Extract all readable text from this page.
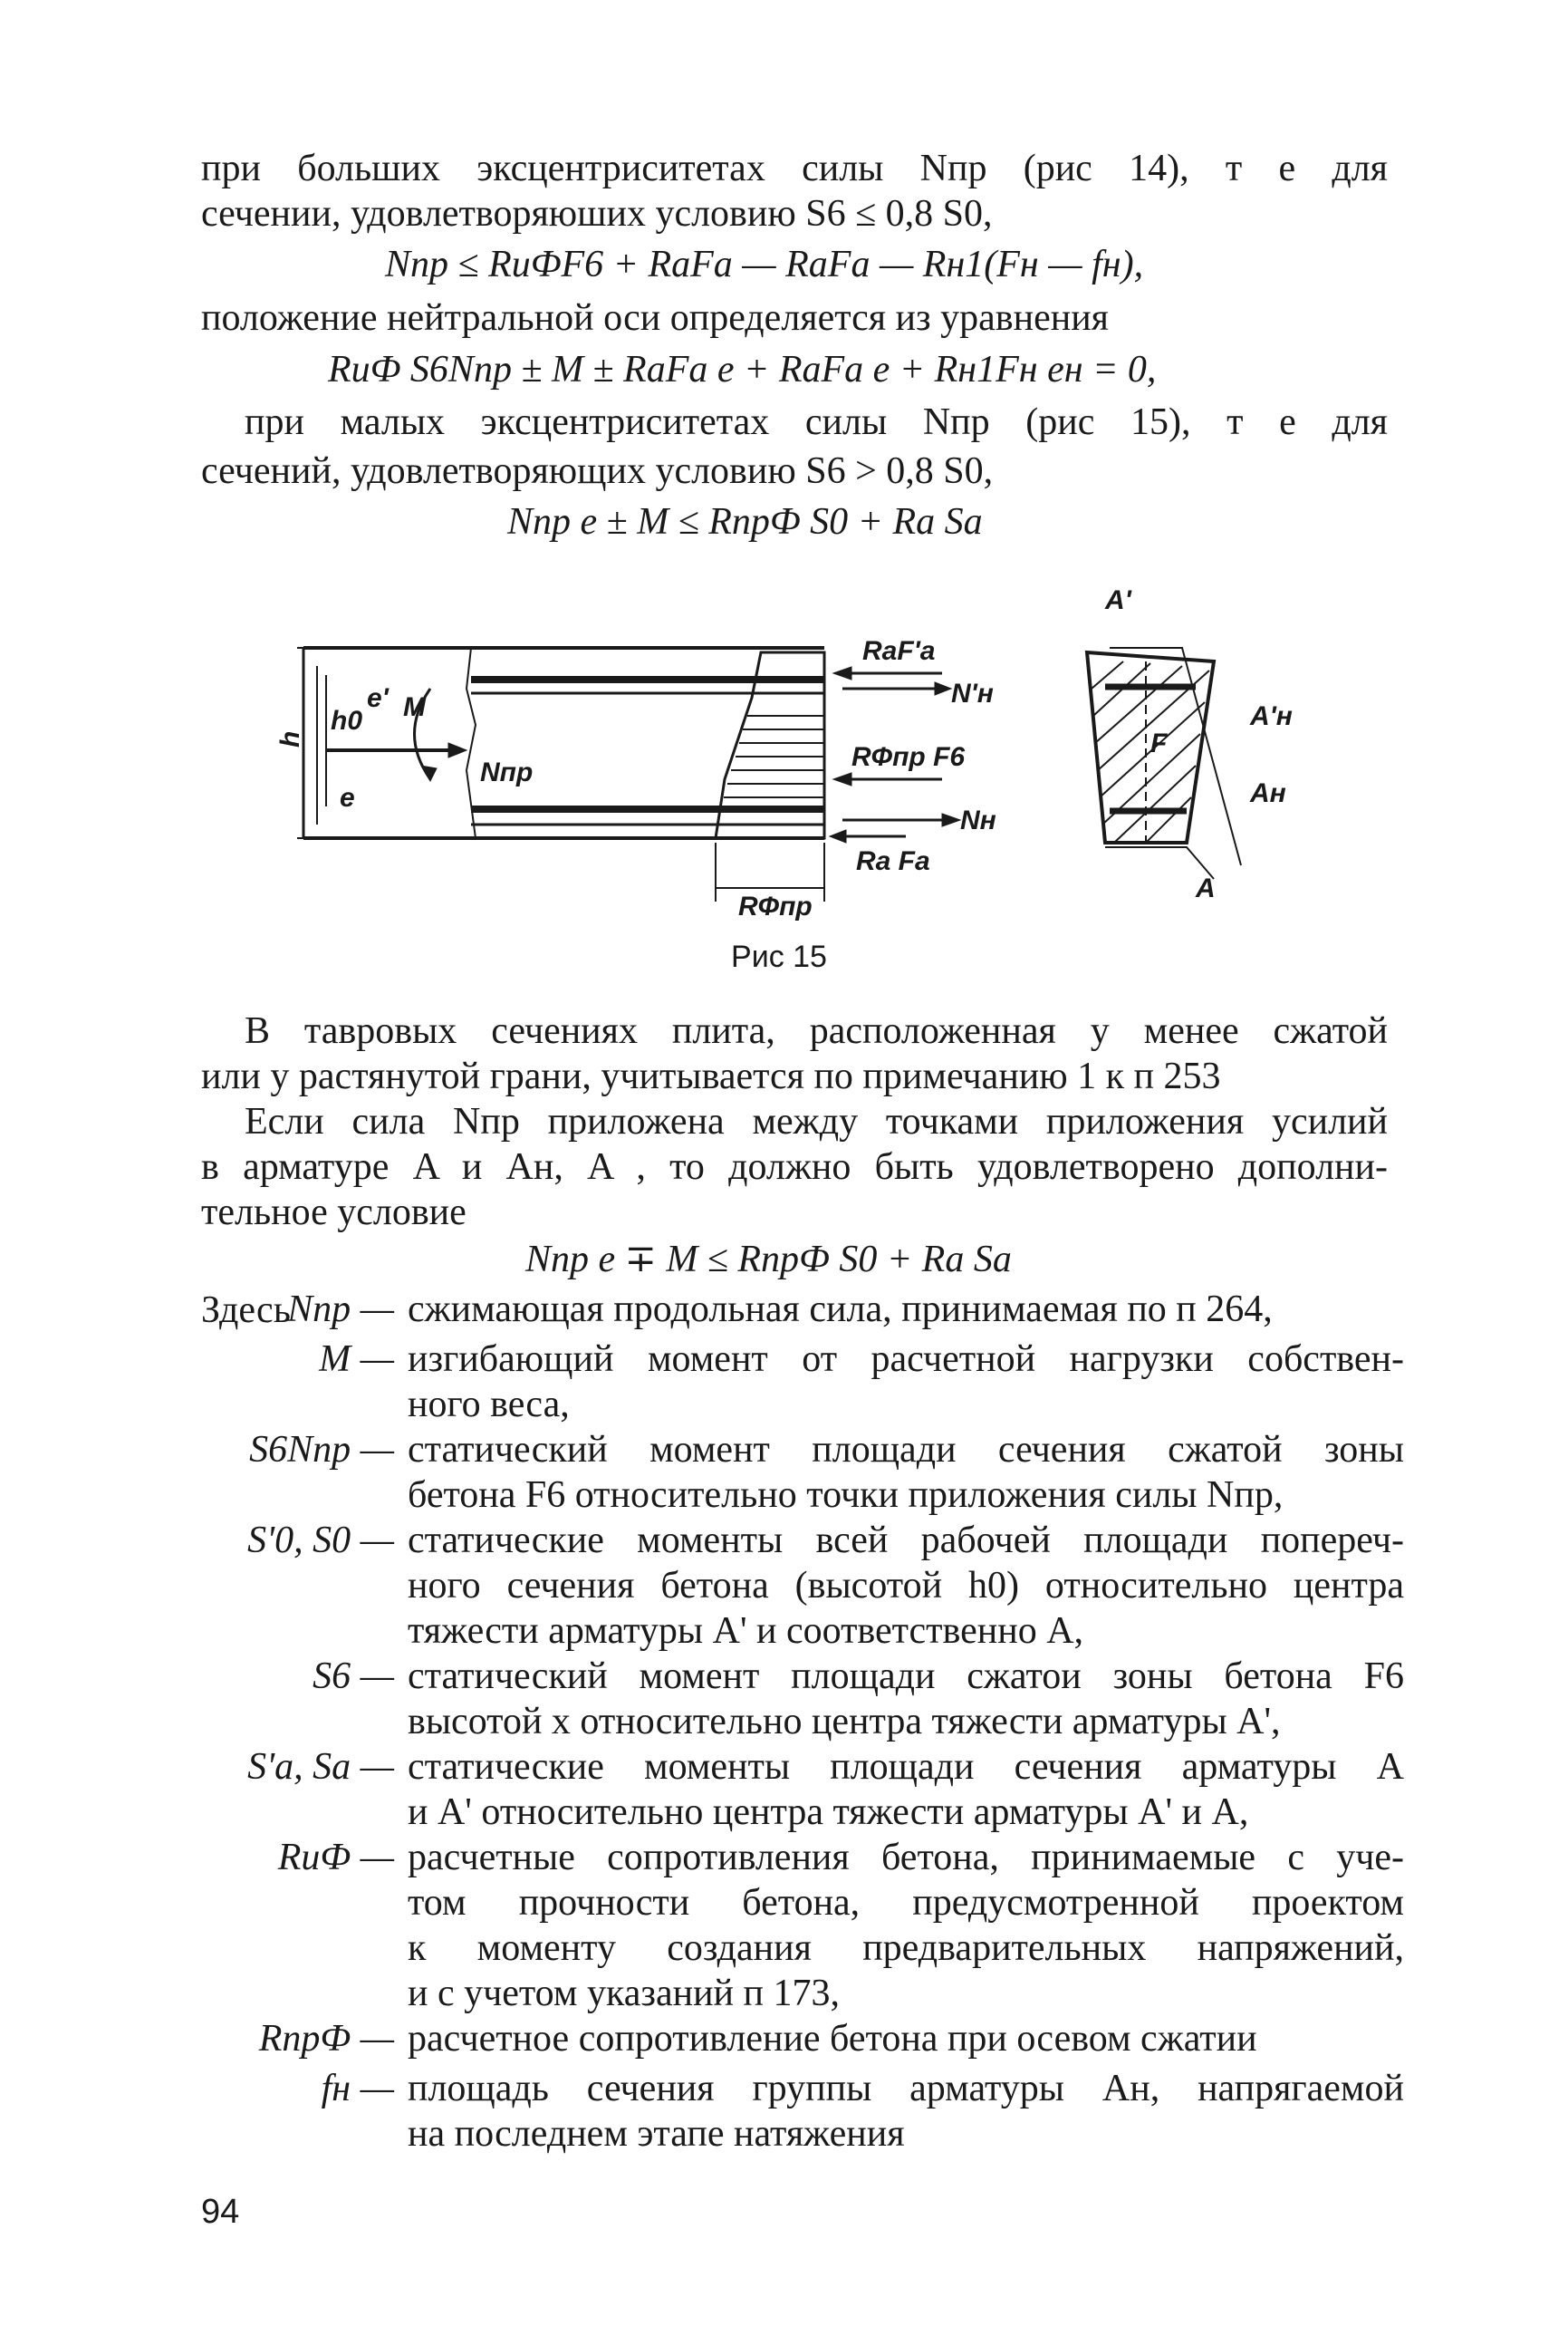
при больших эксцентриситетах силы Nпр (рис 14), т е для
сечении, удовлетворяюших условию S6 ≤ 0,8 S0,
Nпр ≤ RиФF6 + RaFa — RaFa — Rн1(Fн — fн),
положение нейтральной оси определяется из уравнения
RиФ S6Nпр ± M ± RaFa e + RaFa e + Rн1Fн eн = 0,
при малых эксцентриситетах силы Nпр (рис 15), т е для
сечений, удовлетворяющих условию S6 > 0,8 S0,
Nпр e ± M ≤ RпрФ S0 + Ra Sa
RaF'a
N'н
RФпр F6
Nн
Ra Fa
RФпр
Nпр
M
h
h0
e'
e
A'
A'н
Aн
A
F
Рис 15
В тавровых сечениях плита, расположенная у менее сжатой
или у растянутой грани, учитывается по примечанию 1 к п 253
Если сила Nпр приложена между точками приложения усилий
в арматуре A и Aн, A , то должно быть удовлетворено дополни-
тельное условие
Nпр e ∓ M ≤ RпрФ S0 + Ra Sa
Здесь
Nпр — сжимающая продольная сила, принимаемая по п 264,
M — изгибающий момент от расчетной нагрузки собствен-
ного веса,
S6Nпр — статический момент площади сечения сжатой зоны
бетона F6 относительно точки приложения силы Nпр,
S'0, S0 — статические моменты всей рабочей площади попереч-
ного сечения бетона (высотой h0) относительно центра
тяжести арматуры A' и соответственно A,
S6 — статический момент площади сжатои зоны бетона F6
высотой x относительно центра тяжести арматуры A',
S'a, Sa — статические моменты площади сечения арматуры A
и A' относительно центра тяжести арматуры A' и A,
RиФ — расчетные сопротивления бетона, принимаемые с уче-
том прочности бетона, предусмотренной проектом
к моменту создания предварительных напряжений,
и с учетом указаний п 173,
RпрФ — расчетное сопротивление бетона при осевом сжатии
fн — площадь сечения группы арматуры Aн, напрягаемой
на последнем этапе натяжения
94
